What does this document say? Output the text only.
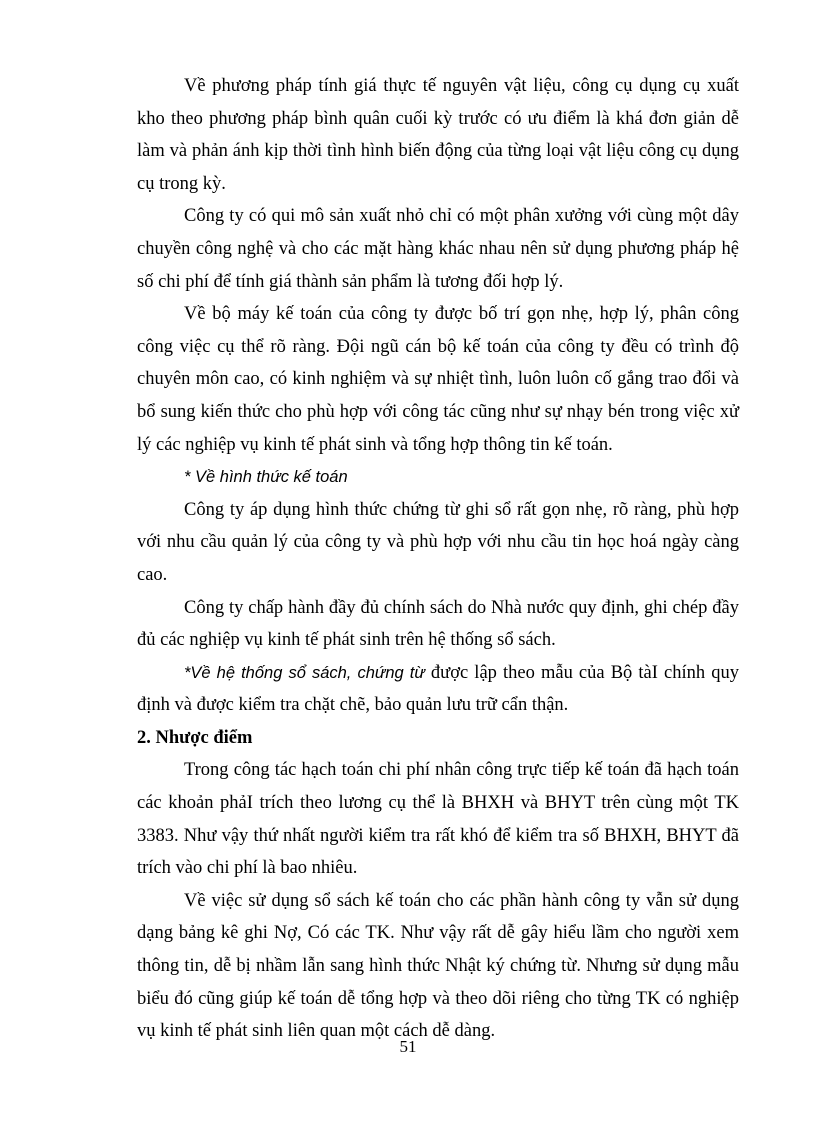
Về phương pháp tính giá thực tế nguyên vật liệu, công cụ dụng cụ xuất kho theo phương pháp bình quân cuối kỳ trước có ưu điểm là khá đơn giản dễ làm và phản ánh kịp thời tình hình biến động của từng loại vật liệu công cụ dụng cụ trong kỳ.

Công ty có qui mô sản xuất nhỏ chỉ có một phân xưởng với cùng một dây chuyền công nghệ và cho các mặt hàng khác nhau nên sử dụng phương pháp hệ số chi phí để tính giá thành sản phẩm là tương đối hợp lý.

Về bộ máy kế toán của công ty được bố trí gọn nhẹ, hợp lý, phân công công việc cụ thể rõ ràng. Đội ngũ cán bộ kế toán của công ty đều có trình độ chuyên môn cao, có kinh nghiệm và sự nhiệt tình, luôn luôn cố gắng trao đổi và bổ sung kiến thức cho phù hợp với công tác cũng như sự nhạy bén trong việc xử lý các nghiệp vụ kinh tế phát sinh và tổng hợp thông tin kế toán.

* Về hình thức kế toán

Công ty áp dụng hình thức chứng từ ghi sổ rất gọn nhẹ, rõ ràng, phù hợp với nhu cầu quản lý của công ty và phù hợp với nhu cầu tin học hoá ngày càng cao.

Công ty chấp hành đầy đủ chính sách do Nhà nước quy định, ghi chép đầy đủ các nghiệp vụ kinh tế phát sinh trên hệ thống sổ sách.

*Về hệ thống sổ sách, chứng từ được lập theo mẫu của Bộ tàI chính quy định và được kiểm tra chặt chẽ, bảo quản lưu trữ cẩn thận.

2. Nhược điểm

Trong công tác hạch toán chi phí nhân công trực tiếp kế toán đã hạch toán các khoản phảI trích theo lương cụ thể là BHXH và BHYT trên cùng một TK 3383. Như vậy thứ nhất người kiểm tra rất khó để kiểm tra số BHXH, BHYT đã trích vào chi phí là bao nhiêu.

Về việc sử dụng sổ sách kế toán cho các phần hành công ty vẫn sử dụng dạng bảng kê ghi Nợ, Có các TK. Như vậy rất dễ gây hiểu lầm cho người xem thông tin, dễ bị nhầm lẫn sang hình thức Nhật ký chứng từ. Nhưng sử dụng mẫu biểu đó cũng giúp kế toán dễ tổng hợp và theo dõi riêng cho từng TK có nghiệp vụ kinh tế phát sinh liên quan một cách dễ dàng.

51
